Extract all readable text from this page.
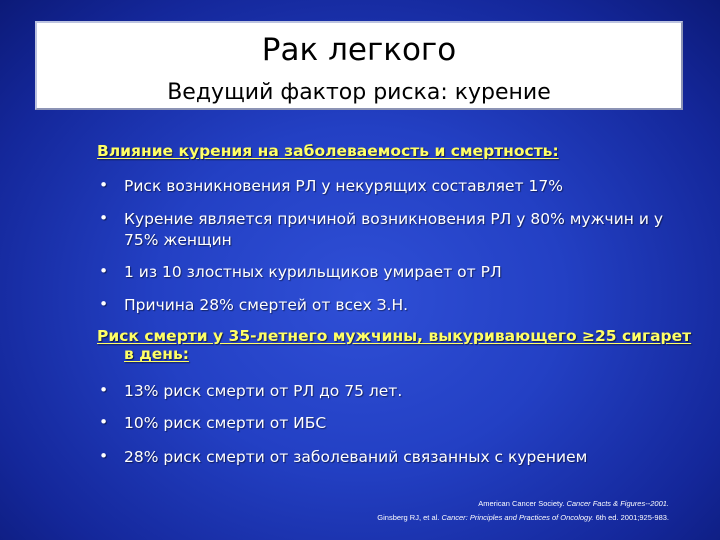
Рак легкого
Ведущий фактор риска: курение
Влияние курения на заболеваемость и смертность:
• Риск возникновения РЛ у некурящих составляет 17%
• Курение является причиной возникновения РЛ у 80% мужчин и у 75% женщин
• 1 из 10 злостных курильщиков умирает от РЛ
• Причина 28% смертей от всех З.Н.
Риск смерти у 35-летнего мужчины, выкуривающего ≥25 сигарет
в день:
• 13% риск смерти от РЛ до 75 лет.
• 10% риск смерти от ИБС
• 28% риск смерти от заболеваний связанных с курением
American Cancer Society. Cancer Facts & Figures--2001.
Ginsberg RJ, et al. Cancer: Principles and Practices of Oncology. 6th ed. 2001;925-983.
